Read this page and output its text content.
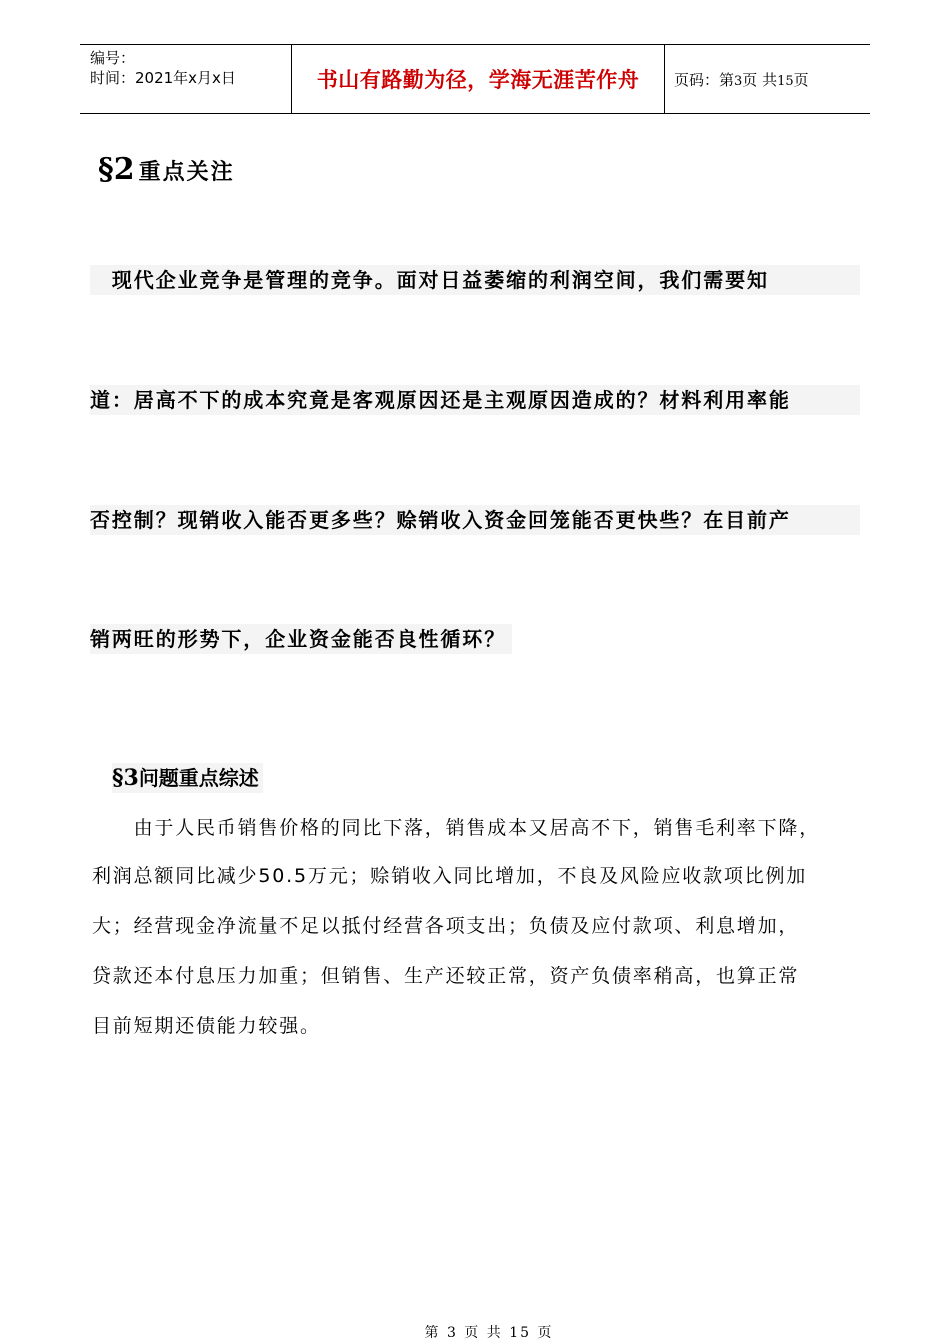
编号：
时间：2021年x月x日	书山有路勤为径，学海无涯苦作舟	页码：第3页 共15页
§2 重点关注
　现代企业竞争是管理的竞争。面对日益萎缩的利润空间，我们需要知
道：居高不下的成本究竟是客观原因还是主观原因造成的？材料利用率能
否控制？现销收入能否更多些？赊销收入资金回笼能否更快些？在目前产
销两旺的形势下，企业资金能否良性循环？
§3问题重点综述
　　由于人民币销售价格的同比下落，销售成本又居高不下，销售毛利率下降，
利润总额同比减少50.5万元；赊销收入同比增加，不良及风险应收款项比例加
大；经营现金净流量不足以抵付经营各项支出；负债及应付款项、利息增加，
贷款还本付息压力加重；但销售、生产还较正常，资产负债率稍高，也算正常
目前短期还债能力较强。
第 3 页 共 15 页
